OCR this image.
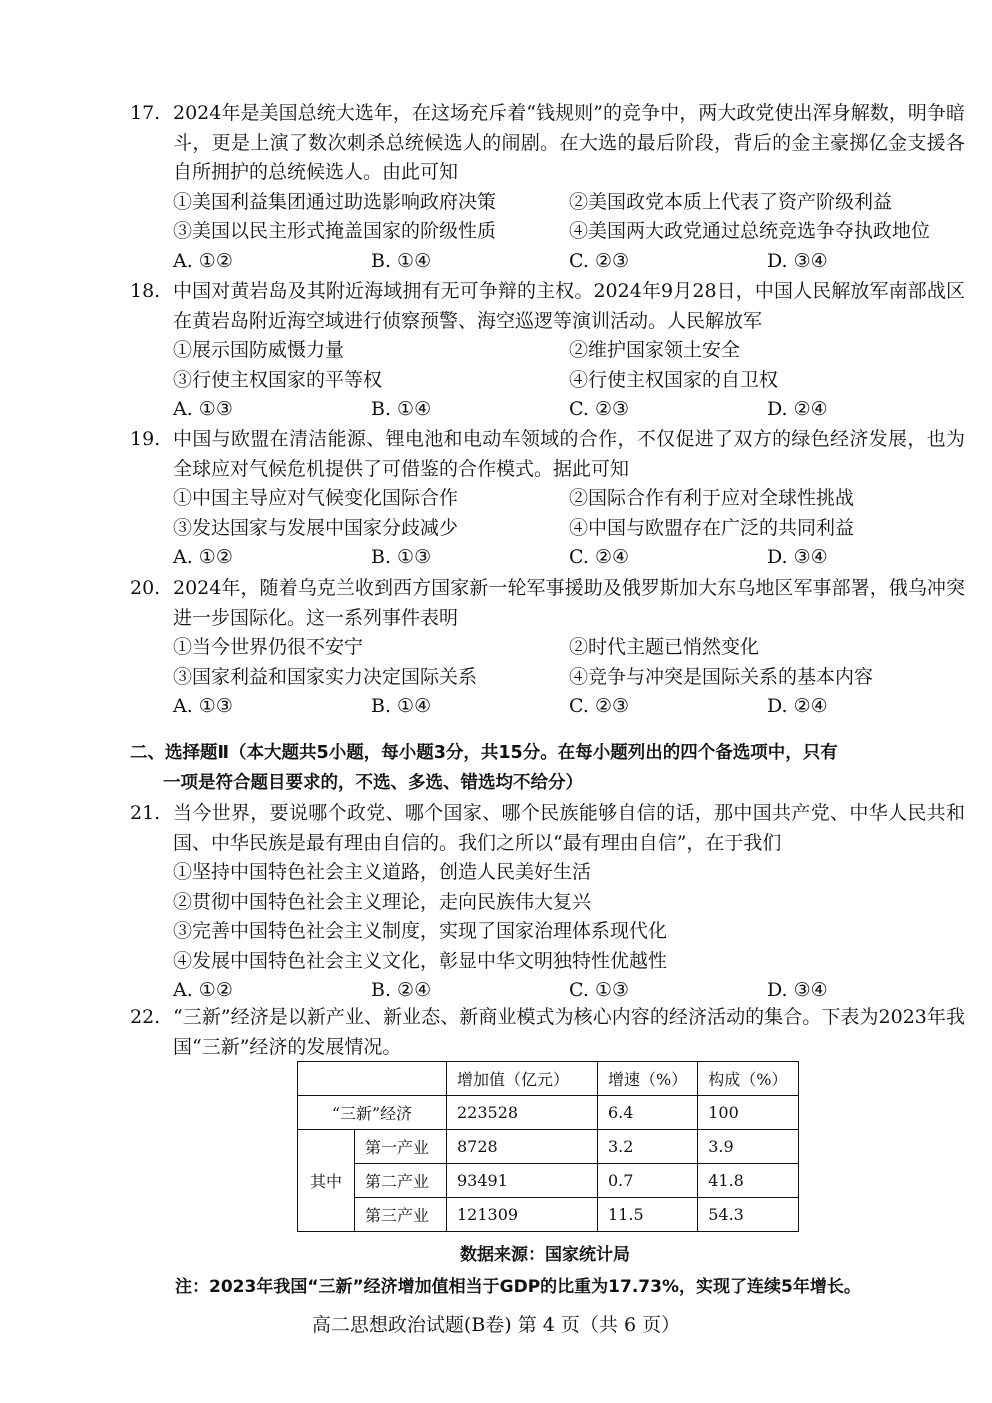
17. 2024年是美国总统大选年，在这场充斥着“钱规则”的竞争中，两大政党使出浑身解数，明争暗斗，更是上演了数次刺杀总统候选人的闹剧。在大选的最后阶段，背后的金主豪掷亿金支援各自所拥护的总统候选人。由此可知
①美国利益集团通过助选影响政府决策	②美国政党本质上代表了资产阶级利益
③美国以民主形式掩盖国家的阶级性质	④美国两大政党通过总统竞选争夺执政地位
A. ①②	B. ①④	C. ②③	D. ③④
18. 中国对黄岩岛及其附近海域拥有无可争辩的主权。2024年9月28日，中国人民解放军南部战区在黄岩岛附近海空域进行侦察预警、海空巡逻等演训活动。人民解放军
①展示国防威慑力量	②维护国家领土安全
③行使主权国家的平等权	④行使主权国家的自卫权
A. ①③	B. ①④	C. ②③	D. ②④
19. 中国与欧盟在清洁能源、锂电池和电动车领域的合作，不仅促进了双方的绿色经济发展，也为全球应对气候危机提供了可借鉴的合作模式。据此可知
①中国主导应对气候变化国际合作	②国际合作有利于应对全球性挑战
③发达国家与发展中国家分歧减少	④中国与欧盟存在广泛的共同利益
A. ①②	B. ①③	C. ②④	D. ③④
20. 2024年，随着乌克兰收到西方国家新一轮军事援助及俄罗斯加大东乌地区军事部署，俄乌冲突进一步国际化。这一系列事件表明
①当今世界仍很不安宁	②时代主题已悄然变化
③国家利益和国家实力决定国际关系	④竞争与冲突是国际关系的基本内容
A. ①③	B. ①④	C. ②③	D. ②④
二、选择题Ⅱ（本大题共5小题，每小题3分，共15分。在每小题列出的四个备选项中，只有
一项是符合题目要求的，不选、多选、错选均不给分）
21. 当今世界，要说哪个政党、哪个国家、哪个民族能够自信的话，那中国共产党、中华人民共和国、中华民族是最有理由自信的。我们之所以“最有理由自信”，在于我们
①坚持中国特色社会主义道路，创造人民美好生活
②贯彻中国特色社会主义理论，走向民族伟大复兴
③完善中国特色社会主义制度，实现了国家治理体系现代化
④发展中国特色社会主义文化，彰显中华文明独特性优越性
A. ①②	B. ②④	C. ①③	D. ③④
22. “三新”经济是以新产业、新业态、新商业模式为核心内容的经济活动的集合。下表为2023年我国“三新”经济的发展情况。
		增加值（亿元）	增速（%）	构成（%）
“三新”经济		223528	6.4	100
其中	第一产业	8728	3.2	3.9
	第二产业	93491	0.7	41.8
	第三产业	121309	11.5	54.3
数据来源：国家统计局
注：2023年我国“三新”经济增加值相当于GDP的比重为17.73%，实现了连续5年增长。
高二思想政治试题(B卷) 第 4 页（共 6 页）
